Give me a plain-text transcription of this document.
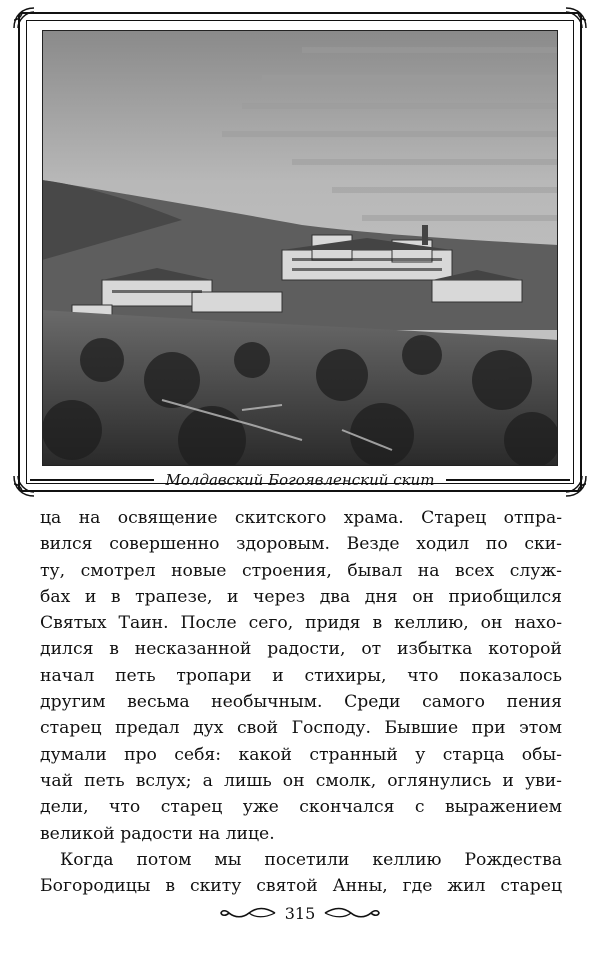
Молдавский Богоявленский скит
ца на освящение скитского храма. Старец отпра-
вился совершенно здоровым. Везде ходил по ски-
ту, смотрел новые строения, бывал на всех служ-
бах и в трапезе, и через два дня он приобщился
Святых Таин. После сего, придя в келлию, он нахо-
дился в несказанной радости, от избытка которой
начал петь тропари и стихиры, что показалось
другим весьма необычным. Среди самого пения
старец предал дух свой Господу. Бывшие при этом
думали про себя: какой странный у старца обы-
чай петь вслух; а лишь он смолк, оглянулись и уви-
дели, что старец уже скончался с выражением
великой радости на лице.
Когда потом мы посетили келлию Рождества
Богородицы в скиту святой Анны, где жил старец
315
